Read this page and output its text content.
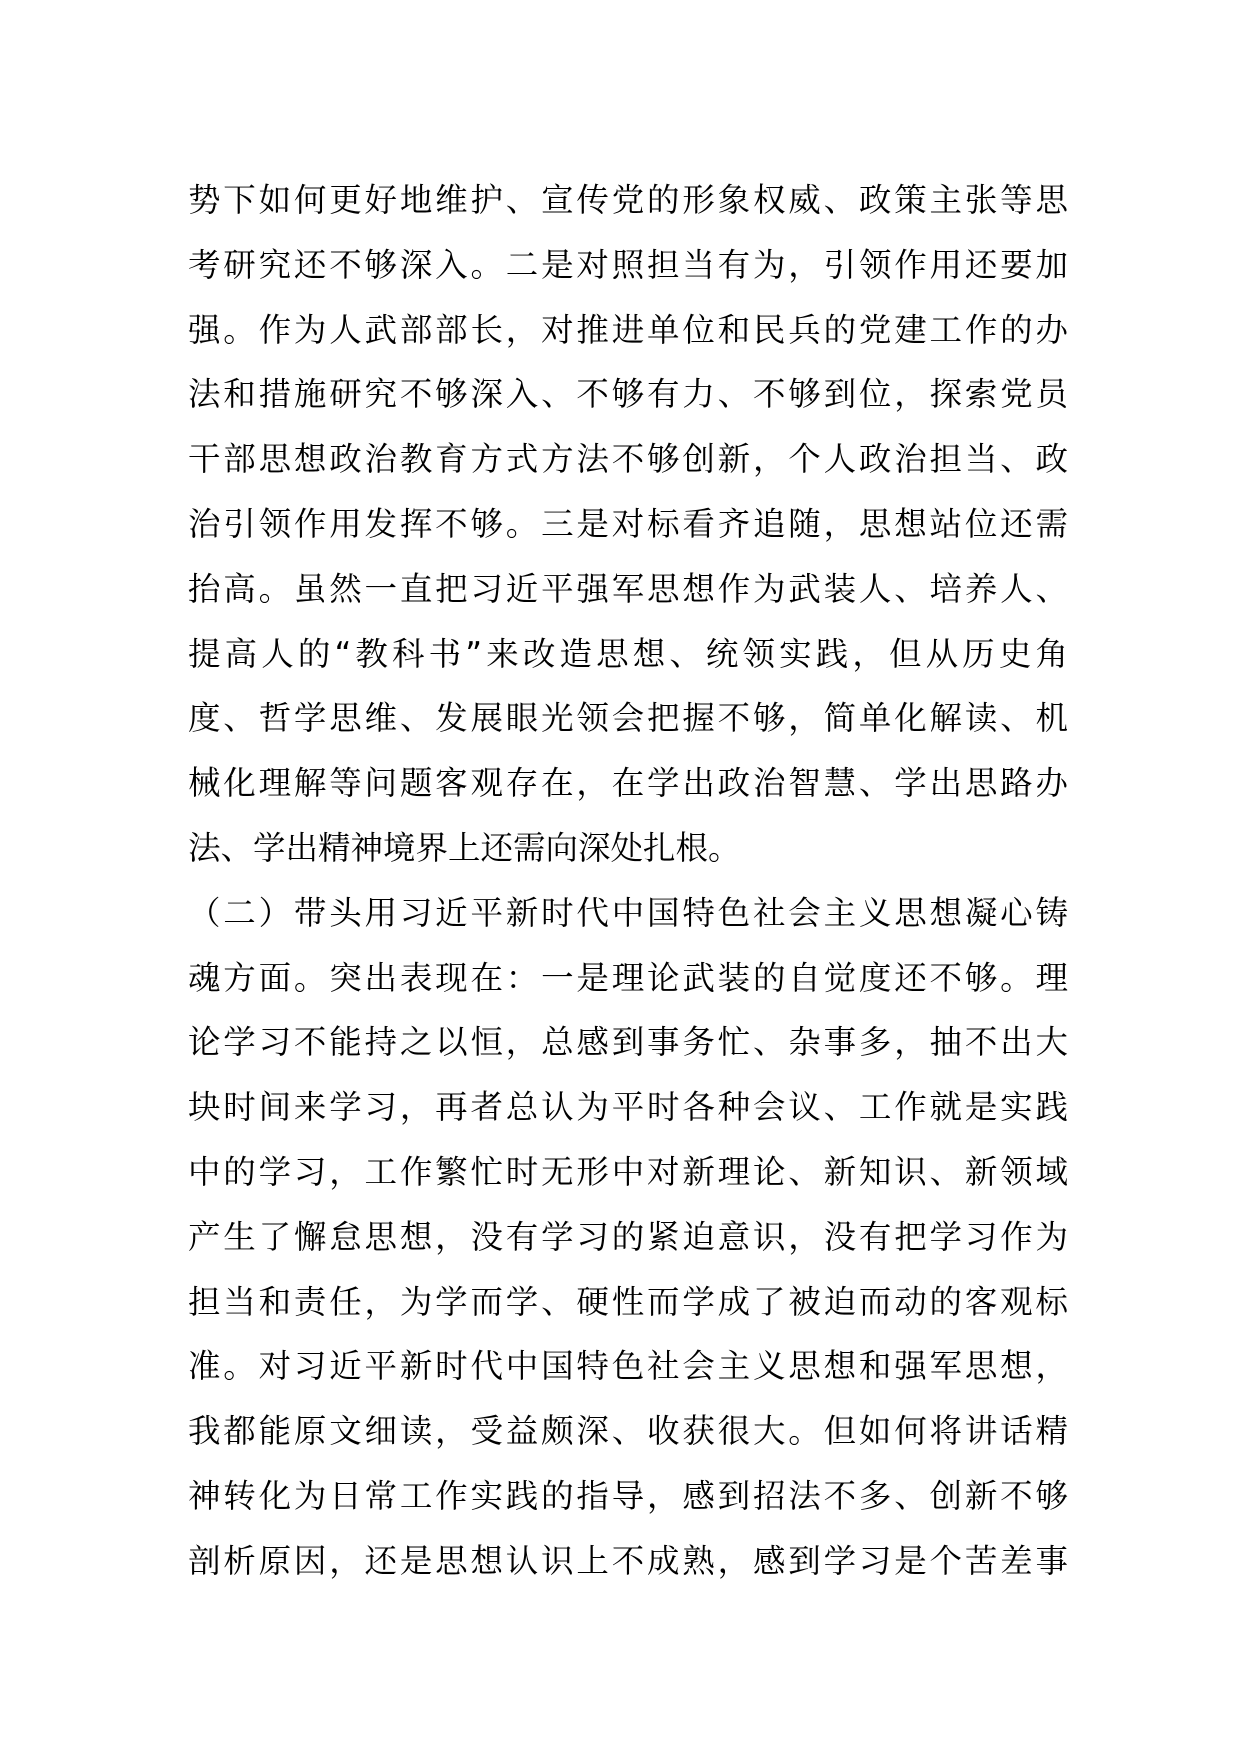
势下如何更好地维护、宣传党的形象权威、政策主张等思
考研究还不够深入。二是对照担当有为，引领作用还要加
强。作为人武部部长，对推进单位和民兵的党建工作的办
法和措施研究不够深入、不够有力、不够到位，探索党员
干部思想政治教育方式方法不够创新，个人政治担当、政
治引领作用发挥不够。三是对标看齐追随，思想站位还需
抬高。虽然一直把习近平强军思想作为武装人、培养人、
提高人的“教科书”来改造思想、统领实践，但从历史角
度、哲学思维、发展眼光领会把握不够，简单化解读、机
械化理解等问题客观存在，在学出政治智慧、学出思路办
法、学出精神境界上还需向深处扎根。
（二）带头用习近平新时代中国特色社会主义思想凝心铸
魂方面。突出表现在：一是理论武装的自觉度还不够。理
论学习不能持之以恒，总感到事务忙、杂事多，抽不出大
块时间来学习，再者总认为平时各种会议、工作就是实践
中的学习，工作繁忙时无形中对新理论、新知识、新领域
产生了懈怠思想，没有学习的紧迫意识，没有把学习作为
担当和责任，为学而学、硬性而学成了被迫而动的客观标
准。对习近平新时代中国特色社会主义思想和强军思想，
我都能原文细读，受益颇深、收获很大。但如何将讲话精
神转化为日常工作实践的指导，感到招法不多、创新不够
剖析原因，还是思想认识上不成熟，感到学习是个苦差事
